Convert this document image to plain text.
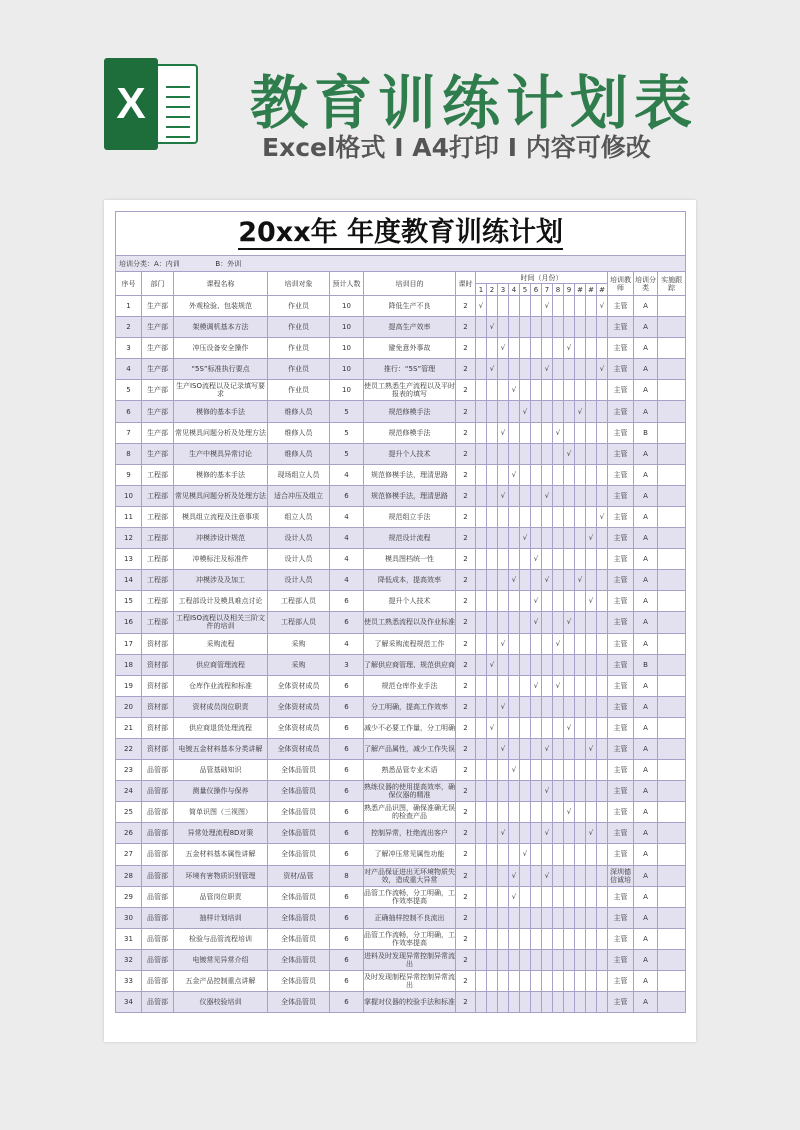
X 教育训练计划表
Excel格式 I A4打印 I 内容可修改
20xx年 年度教育训练计划																					
培训分类：A：内训 B：外训																					
序号	部门	课程名称	培训对象	预计人数	培训目的	课时	时间（月份）												培训教师	培训分类	实施跟踪
							1	2	3	4	5	6	7	8	9	#	#	#			
1	生产部	外观检验、包装规范	作业员	10	降低生产不良	2	√						√					√	主管	A	
2	生产部	架模调机基本方法	作业员	10	提高生产效率	2		√											主管	A	
3	生产部	冲压设备安全操作	作业员	10	避免意外事故	2			√						√				主管	A	
4	生产部	“5S”标准执行要点	作业员	10	推行：“5S”管理	2		√					√					√	主管	A	
5	生产部	生产ISO流程以及记录填写要求	作业员	10	使员工熟悉生产流程以及平时报表的填写	2				√									主管	A	
6	生产部	模修的基本手法	维修人员	5	规范修模手法	2					√					√			主管	A	
7	生产部	常见模具问题分析及处理方法	维修人员	5	规范修模手法	2			√					√					主管	B	
8	生产部	生产中模具异常讨论	维修人员	5	提升个人技术	2									√				主管	A	
9	工程部	模修的基本手法	现场组立人员	4	规范修模手法，理清思路	2				√									主管	A	
10	工程部	常见模具问题分析及处理方法	适合冲压及组立	6	规范修模手法，理清思路	2			√				√						主管	A	
11	工程部	模具组立流程及注意事项	组立人员	4	规范组立手法	2												√	主管	A	
12	工程部	冲模涉设计规范	设计人员	4	规范设计流程	2					√						√		主管	A	
13	工程部	冲模标注及标准件	设计人员	4	模具图档统一性	2						√							主管	A	
14	工程部	冲模涉及及加工	设计人员	4	降低成本，提高效率	2				√			√			√			主管	A	
15	工程部	工程部设计及模具难点讨论	工程部人员	6	提升个人技术	2						√					√		主管	A	
16	工程部	工程ISO流程以及相关三阶文件的培训	工程部人员	6	使员工熟悉流程以及作业标准	2						√			√				主管	A	
17	资材部	采购流程	采购	4	了解采购流程规范工作	2			√					√					主管	A	
18	资材部	供应商管理流程	采购	3	了解供应商管理、规范供应商	2		√											主管	B	
19	资材部	仓库作业流程和标准	全体资材成员	6	规范仓库作业手法	2						√		√					主管	A	
20	资材部	资材成员岗位职责	全体资材成员	6	分工明确，提高工作效率	2			√										主管	A	
21	资材部	供应商退货处理流程	全体资材成员	6	减少不必要工作量，分工明确	2		√							√				主管	A	
22	资材部	电镀五金材料基本分类讲解	全体资材成员	6	了解产品属性，减少工作失误	2			√				√				√		主管	A	
23	品管部	品管基础知识	全体品管员	6	熟悉品管专业术语	2				√									主管	A	
24	品管部	测量仪操作与保养	全体品管员	6	熟练仪器的使用提高效率，确保仪器的精准	2							√						主管	A	
25	品管部	简单识图（三视图）	全体品管员	6	熟悉产品识图，确保准确无误的检查产品	2									√				主管	A	
26	品管部	异常处理流程8D对策	全体品管员	6	控制异常，杜绝流出客户	2			√				√				√		主管	A	
27	品管部	五金材料基本属性讲解	全体品管员	6	了解冲压常见属性功能	2					√								主管	A	
28	品管部	环境有害物质识别管理	资材/品管	8	对产品保证进出无环境物质失效，造成重大异常	2				√			√						深圳德信诚培	A	
29	品管部	品管岗位职责	全体品管员	6	品管工作流畅，分工明确，工作效率提高	2				√									主管	A	
30	品管部	抽样计划培训	全体品管员	6	正确抽样控制不良流出	2													主管	A	
31	品管部	检验与品管流程培训	全体品管员	6	品管工作流畅，分工明确，工作效率提高	2													主管	A	
32	品管部	电镀常见异常介绍	全体品管员	6	进料及时发现异常控制异常流出	2													主管	A	
33	品管部	五金产品控制重点讲解	全体品管员	6	及时发现制程异常控制异常流出	2													主管	A	
34	品管部	仪器校验培训	全体品管员	6	掌握对仪器的校验手法和标准	2													主管	A	
